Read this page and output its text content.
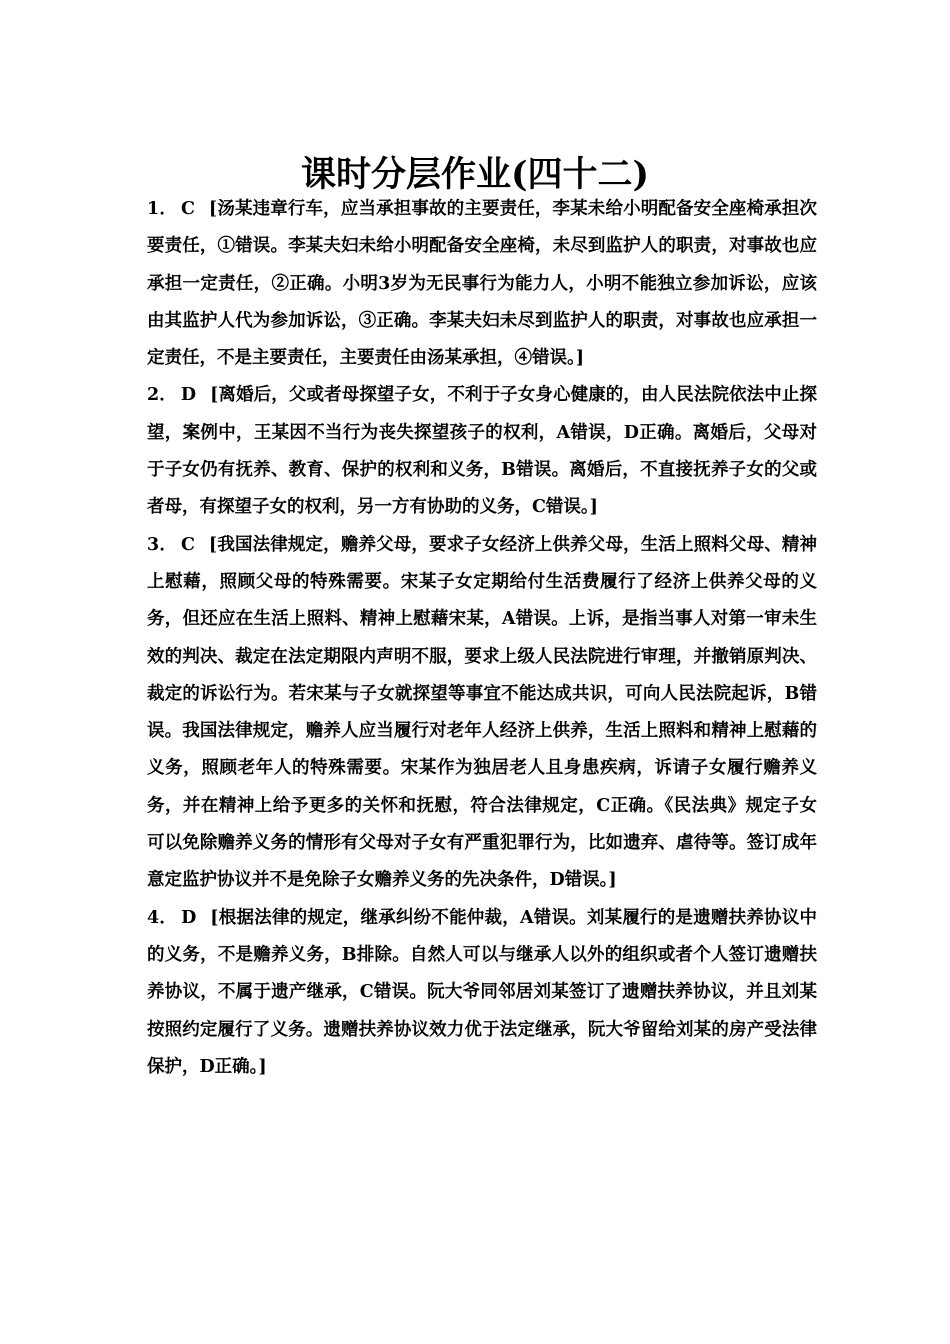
课时分层作业(四十二)

1． C [汤某违章行车，应当承担事故的主要责任，李某未给小明配备安全座椅承担次要责任，①错误。李某夫妇未给小明配备安全座椅，未尽到监护人的职责，对事故也应承担一定责任，②正确。小明3岁为无民事行为能力人，小明不能独立参加诉讼，应该由其监护人代为参加诉讼，③正确。李某夫妇未尽到监护人的职责，对事故也应承担一定责任，不是主要责任，主要责任由汤某承担，④错误。]

2． D [离婚后，父或者母探望子女，不利于子女身心健康的，由人民法院依法中止探望，案例中，王某因不当行为丧失探望孩子的权利，A错误，D正确。离婚后，父母对于子女仍有抚养、教育、保护的权利和义务，B错误。离婚后，不直接抚养子女的父或者母，有探望子女的权利，另一方有协助的义务，C错误。]

3． C [我国法律规定，赡养父母，要求子女经济上供养父母，生活上照料父母、精神上慰藉，照顾父母的特殊需要。宋某子女定期给付生活费履行了经济上供养父母的义务，但还应在生活上照料、精神上慰藉宋某，A错误。上诉，是指当事人对第一审未生效的判决、裁定在法定期限内声明不服，要求上级人民法院进行审理，并撤销原判决、裁定的诉讼行为。若宋某与子女就探望等事宜不能达成共识，可向人民法院起诉，B错误。我国法律规定，赡养人应当履行对老年人经济上供养，生活上照料和精神上慰藉的义务，照顾老年人的特殊需要。宋某作为独居老人且身患疾病，诉请子女履行赡养义务，并在精神上给予更多的关怀和抚慰，符合法律规定，C正确。《民法典》规定子女可以免除赡养义务的情形有父母对子女有严重犯罪行为，比如遗弃、虐待等。签订成年意定监护协议并不是免除子女赡养义务的先决条件，D错误。]

4． D [根据法律的规定，继承纠纷不能仲裁，A错误。刘某履行的是遗赠扶养协议中的义务，不是赡养义务，B排除。自然人可以与继承人以外的组织或者个人签订遗赠扶养协议，不属于遗产继承，C错误。阮大爷同邻居刘某签订了遗赠扶养协议，并且刘某按照约定履行了义务。遗赠扶养协议效力优于法定继承，阮大爷留给刘某的房产受法律保护，D正确。]
